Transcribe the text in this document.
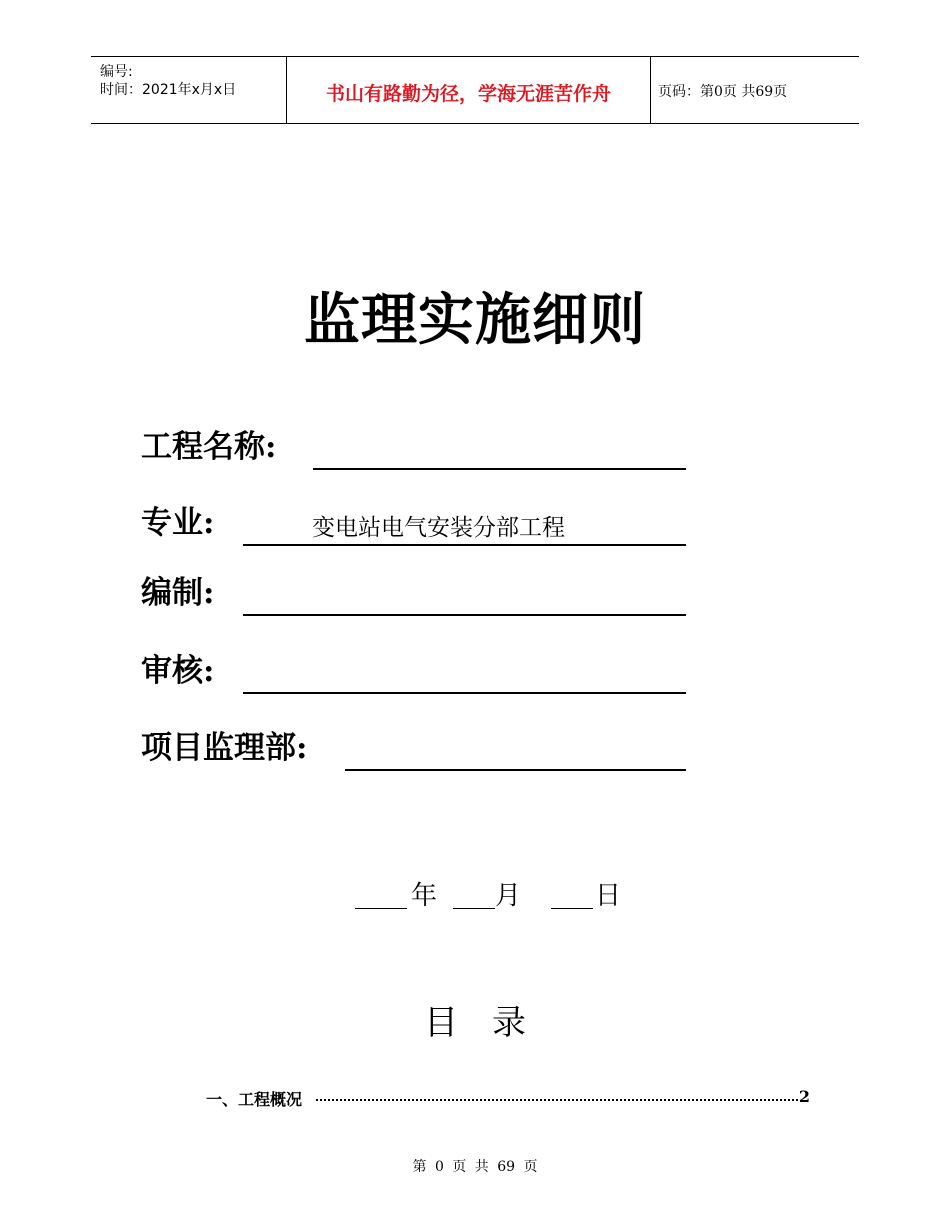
编号:
时间：2021年x月x日	书山有路勤为径，学海无涯苦作舟	页码：第0页 共69页
监理实施细则
工程名称:
专业:	变电站电气安装分部工程
编制:
审核:
项目监理部:
年 月	日
目录
一、工程概况	2
第 0 页 共 69 页
